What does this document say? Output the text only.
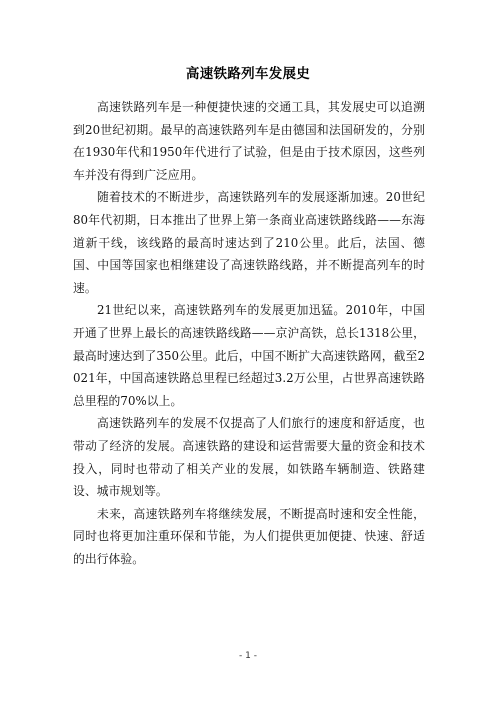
高速铁路列车发展史

高速铁路列车是一种便捷快速的交通工具，其发展史可以追溯到20世纪初期。最早的高速铁路列车是由德国和法国研发的，分别在1930年代和1950年代进行了试验，但是由于技术原因，这些列车并没有得到广泛应用。

随着技术的不断进步，高速铁路列车的发展逐渐加速。20世纪80年代初期，日本推出了世界上第一条商业高速铁路线路——东海道新干线，该线路的最高时速达到了210公里。此后，法国、德国、中国等国家也相继建设了高速铁路线路，并不断提高列车的时速。

21世纪以来，高速铁路列车的发展更加迅猛。2010年，中国开通了世界上最长的高速铁路线路——京沪高铁，总长1318公里，最高时速达到了350公里。此后，中国不断扩大高速铁路网，截至2021年，中国高速铁路总里程已经超过3.2万公里，占世界高速铁路总里程的70%以上。

高速铁路列车的发展不仅提高了人们旅行的速度和舒适度，也带动了经济的发展。高速铁路的建设和运营需要大量的资金和技术投入，同时也带动了相关产业的发展，如铁路车辆制造、铁路建设、城市规划等。

未来，高速铁路列车将继续发展，不断提高时速和安全性能，同时也将更加注重环保和节能，为人们提供更加便捷、快速、舒适的出行体验。

- 1 -
